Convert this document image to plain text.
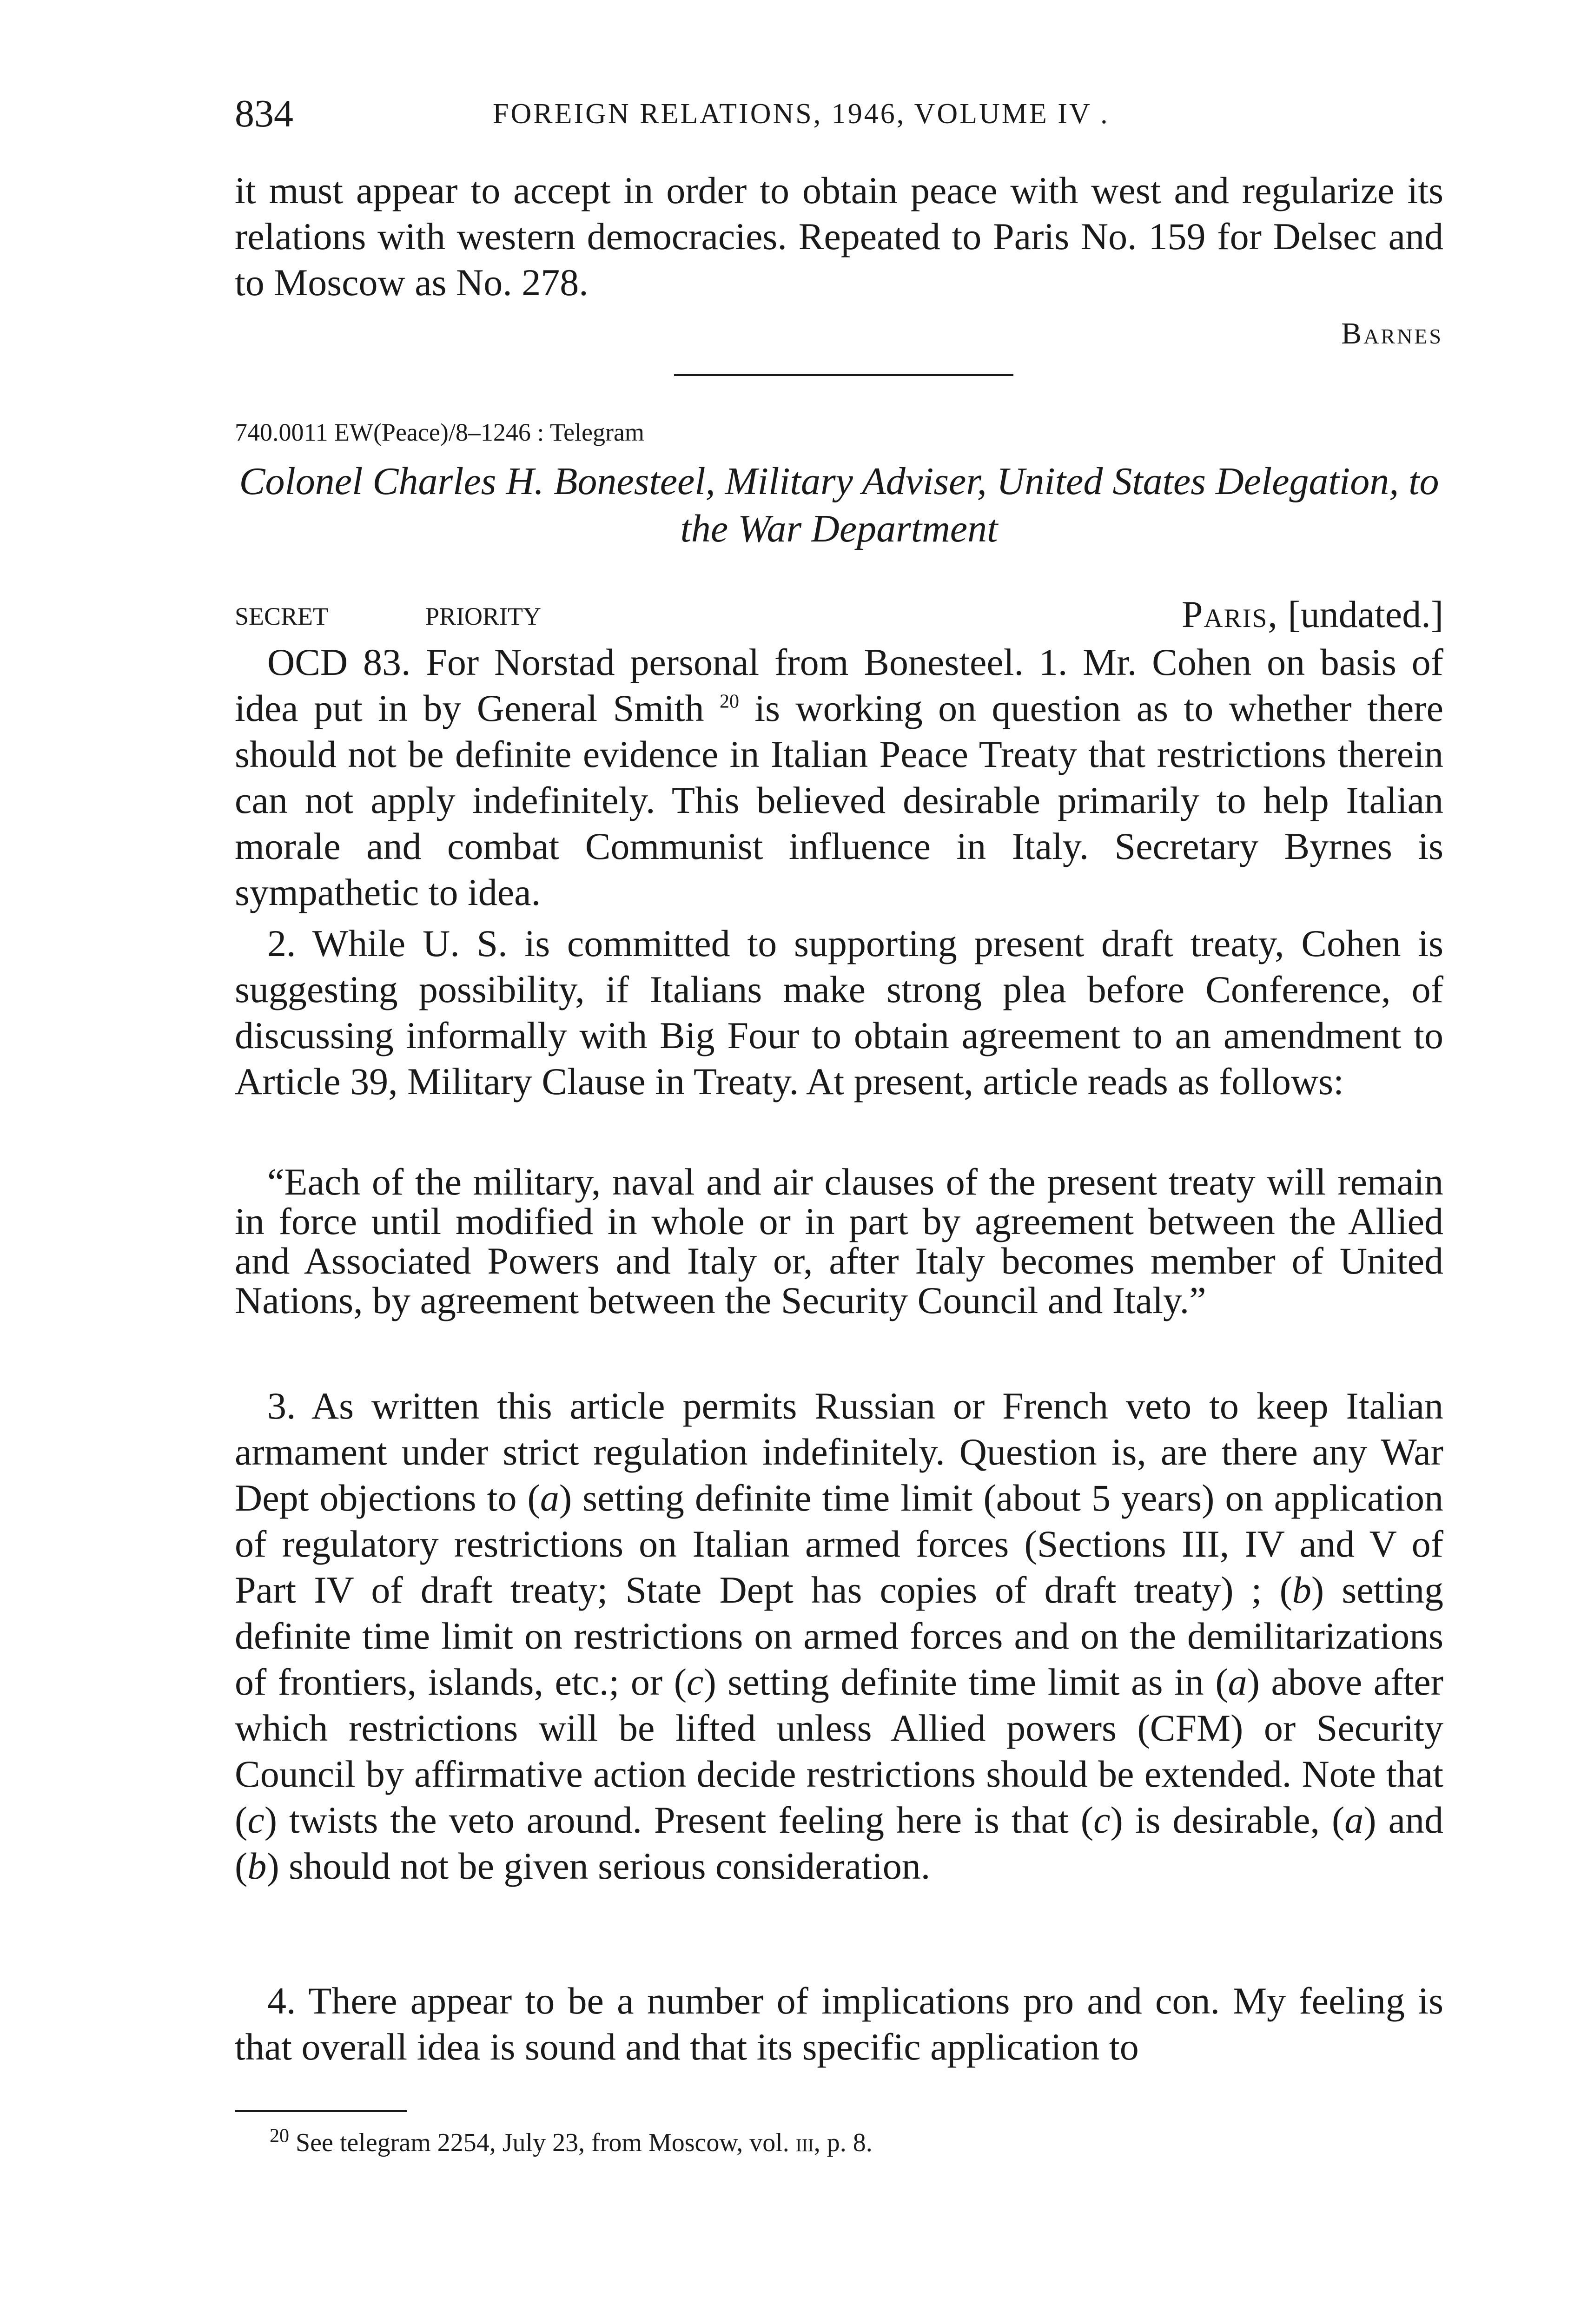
834	FOREIGN RELATIONS, 1946, VOLUME IV .

it must appear to accept in order to obtain peace with west and regularize its relations with western democracies. Repeated to Paris No. 159 for Delsec and to Moscow as No. 278.

Barnes
740.0011 EW(Peace)/8–1246 : Telegram

Colonel Charles H. Bonesteel, Military Adviser, United States Delegation, to the War Department

SECRET	PRIORITY	Paris, [undated.]

OCD 83. For Norstad personal from Bonesteel. 1. Mr. Cohen on basis of idea put in by General Smith $^{20}$ is working on question as to whether there should not be definite evidence in Italian Peace Treaty that restrictions therein can not apply indefinitely. This believed desirable primarily to help Italian morale and combat Communist influence in Italy. Secretary Byrnes is sympathetic to idea.

2. While U. S. is committed to supporting present draft treaty, Cohen is suggesting possibility, if Italians make strong plea before Conference, of discussing informally with Big Four to obtain agreement to an amendment to Article 39, Military Clause in Treaty. At present, article reads as follows:

“Each of the military, naval and air clauses of the present treaty will remain in force until modified in whole or in part by agreement between the Allied and Associated Powers and Italy or, after Italy becomes member of United Nations, by agreement between the Security Council and Italy.”

3. As written this article permits Russian or French veto to keep Italian armament under strict regulation indefinitely. Question is, are there any War Dept objections to (a) setting definite time limit (about 5 years) on application of regulatory restrictions on Italian armed forces (Sections III, IV and V of Part IV of draft treaty; State Dept has copies of draft treaty) ; (b) setting definite time limit on restrictions on armed forces and on the demilitarizations of frontiers, islands, etc.; or (c) setting definite time limit as in (a) above after which restrictions will be lifted unless Allied powers (CFM) or Security Council by affirmative action decide restrictions should be extended. Note that (c) twists the veto around. Present feeling here is that (c) is desirable, (a) and (b) should not be given serious consideration.

4. There appear to be a number of implications pro and con. My feeling is that overall idea is sound and that its specific application to

$^{20}$ See telegram 2254, July 23, from Moscow, vol. iii, p. 8.
